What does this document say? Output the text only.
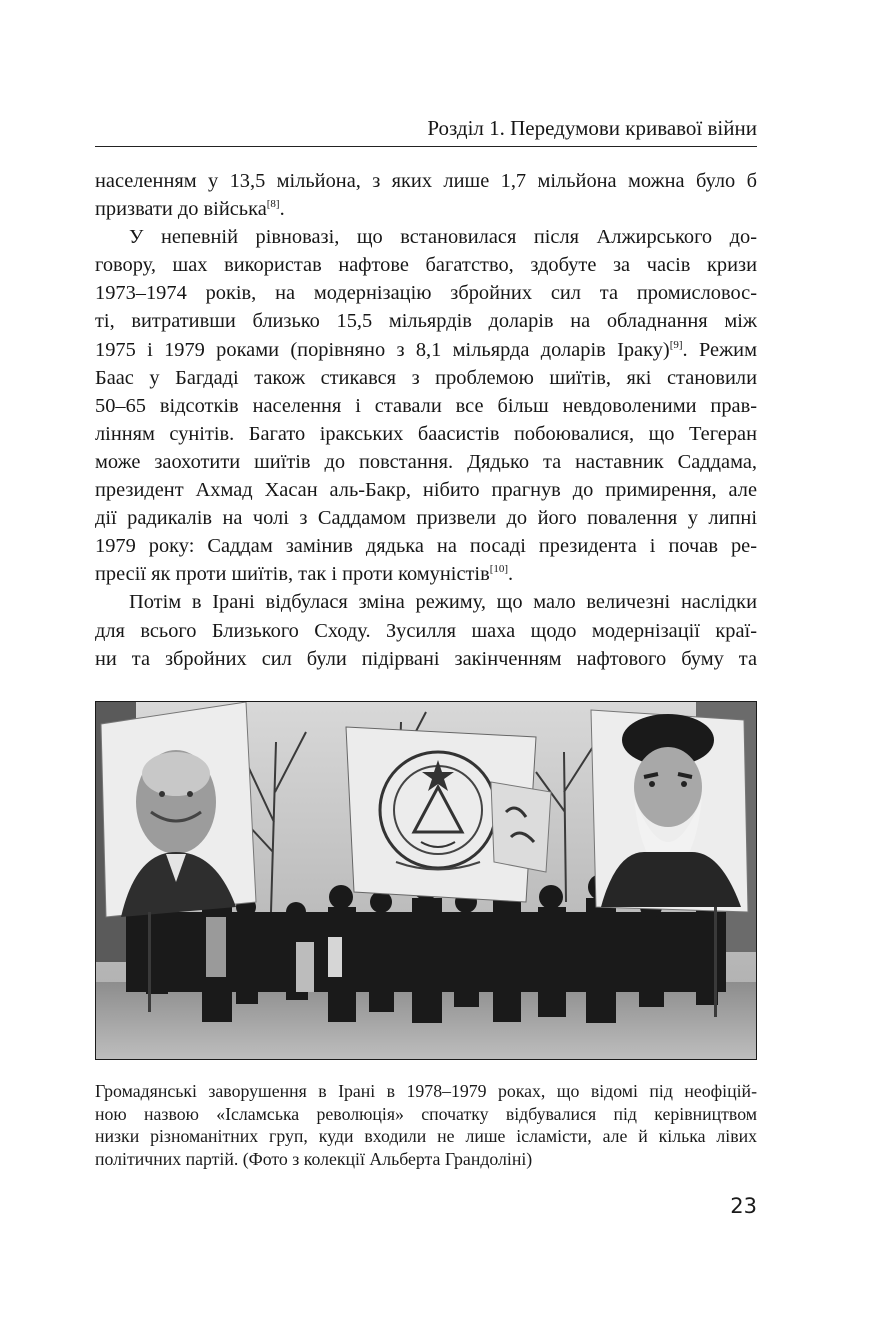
Розділ 1. Передумови кривавої війни

населенням у 13,5 мільйона, з яких лише 1,7 мільйона можна було б

призвати до війська[8].

У непевній рівновазі, що встановилася після Алжирського до-

говору, шах використав нафтове багатство, здобуте за часів кризи

1973–1974 років, на модернізацію збройних сил та промисловос-

ті, витративши близько 15,5 мільярдів доларів на обладнання між

1975 і 1979 роками (порівняно з 8,1 мільярда доларів Іраку)[9]. Режим

Баас у Багдаді також стикався з проблемою шиїтів, які становили

50–65 відсотків населення і ставали все більш невдоволеними прав-

лінням сунітів. Багато іракських баасистів побоювалися, що Тегеран

може заохотити шиїтів до повстання. Дядько та наставник Саддама,

президент Ахмад Хасан аль-Бакр, нібито прагнув до примирення, але

дії радикалів на чолі з Саддамом призвели до його повалення у липні

1979 року: Саддам замінив дядька на посаді президента і почав ре-

пресії як проти шиїтів, так і проти комуністів[10].

Потім в Ірані відбулася зміна режиму, що мало величезні наслідки

для всього Близького Сходу. Зусилля шаха щодо модернізації краї-

ни та збройних сил були підірвані закінченням нафтового буму та

Громадянські заворушення в Ірані в 1978–1979 роках, що відомі під неофіцій-
ною назвою «Ісламська революція» спочатку відбувалися під керівництвом
низки різноманітних груп, куди входили не лише ісламісти, але й кілька лівих
політичних партій. (Фото з колекції Альберта Грандоліні)
23
